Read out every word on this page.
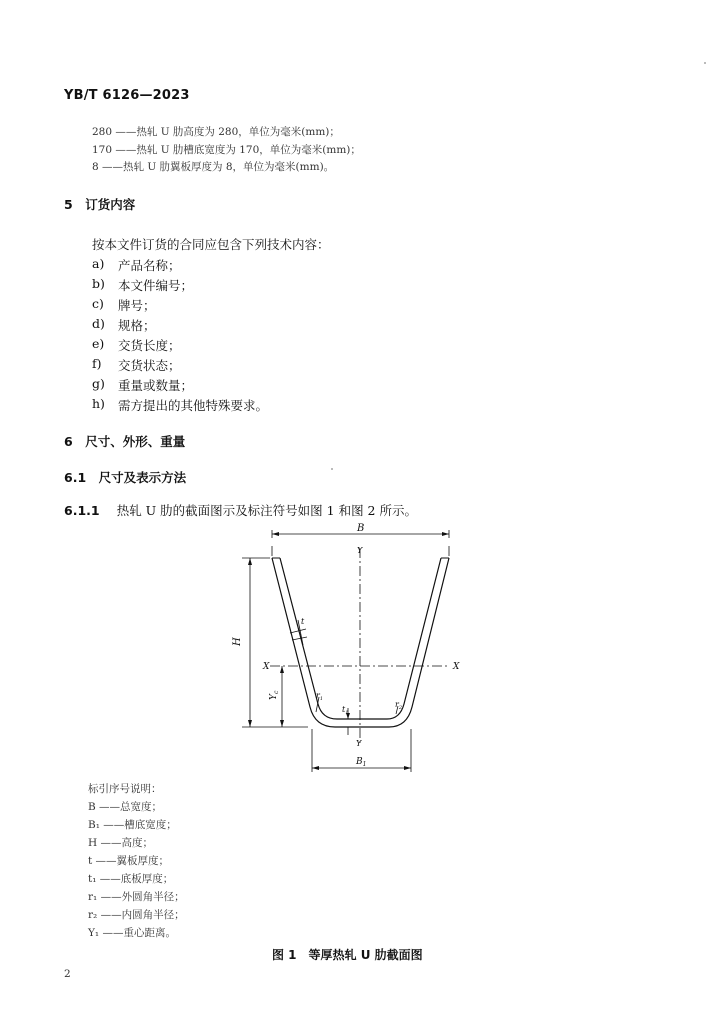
YB/T 6126—2023
280 ——热轧 U 肋高度为 280，单位为毫米(mm)；
170 ——热轧 U 肋槽底宽度为 170，单位为毫米(mm)；
8 ——热轧 U 肋翼板厚度为 8，单位为毫米(mm)。
5　订货内容
按本文件订货的合同应包含下列技术内容：
a)	产品名称；
b)	本文件编号；
c)	牌号；
d)	规格；
e)	交货长度；
f)	交货状态；
g)	重量或数量；
h)	需方提出的其他特殊要求。
6　尺寸、外形、重量
6.1　尺寸及表示方法
6.1.1 热轧 U 肋的截面图示及标注符号如图 1 和图 2 所示。
B
Y
H
X	X
$Y_c$
t
$t_1$
$r_1$
$r_2$
Y
$B_1$
标引序号说明：
B ——总宽度；
B₁ ——槽底宽度；
H ——高度；
t ——翼板厚度；
t₁ ——底板厚度；
r₁ ——外圆角半径；
r₂ ——内圆角半径；
Y₁ ——重心距离。
图 1　等厚热轧 U 肋截面图
2
